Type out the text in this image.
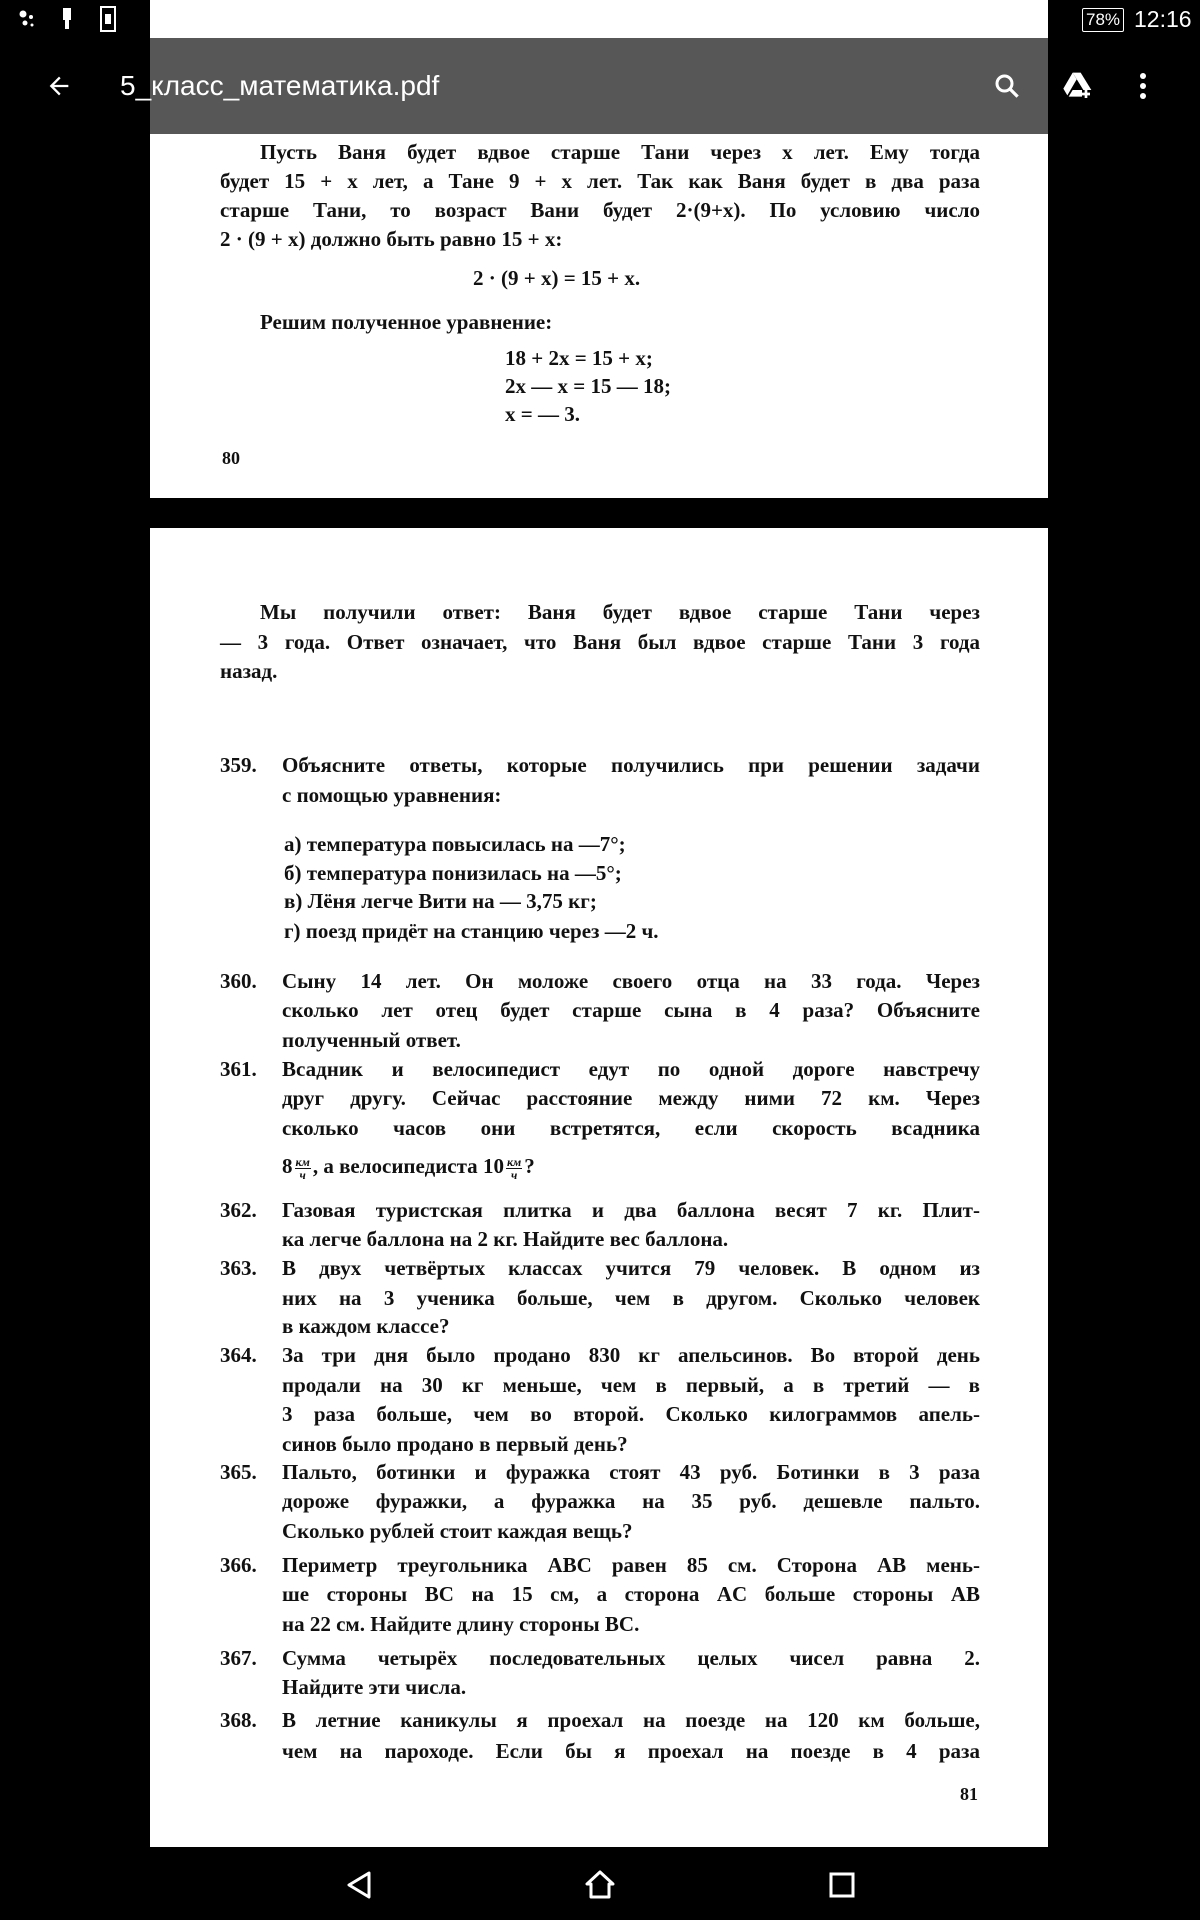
Пусть Ваня будет вдвое старше Тани через x лет. Ему тогда
будет 15 + x лет, а Тане 9 + x лет. Так как Ваня будет в два раза
старше Тани, то возраст Вани будет 2·(9+x). По условию число
2 · (9 + x) должно быть равно 15 + x:
2 · (9 + x) = 15 + x.
Решим полученное уравнение:
18 + 2x = 15 + x;
2x — x = 15 — 18;
x = — 3.
80
Мы получили ответ: Ваня будет вдвое старше Тани через
— 3 года. Ответ означает, что Ваня был вдвое старше Тани 3 года
назад.
359. Объясните ответы, которые получились при решении задачи
с помощью уравнения:
а) температура повысилась на —7°;
б) температура понизилась на —5°;
в) Лёня легче Вити на — 3,75 кг;
г) поезд придёт на станцию через —2 ч.
360. Сыну 14 лет. Он моложе своего отца на 33 года. Через
сколько лет отец будет старше сына в 4 раза? Объясните
полученный ответ.
361. Всадник и велосипедист едут по одной дороге навстречу
друг другу. Сейчас расстояние между ними 72 км. Через
сколько часов они встретятся, если скорость всадника
$8 \frac{км}{ч}$ , а велосипедиста $10 \frac{км}{ч}$ ?
362. Газовая туристская плитка и два баллона весят 7 кг. Плит-
ка легче баллона на 2 кг. Найдите вес баллона.
363. В двух четвёртых классах учится 79 человек. В одном из
них на 3 ученика больше, чем в другом. Сколько человек
в каждом классе?
364. За три дня было продано 830 кг апельсинов. Во второй день
продали на 30 кг меньше, чем в первый, а в третий — в
3 раза больше, чем во второй. Сколько килограммов апель-
синов было продано в первый день?
365. Пальто, ботинки и фуражка стоят 43 руб. Ботинки в 3 раза
дороже фуражки, а фуражка на 35 руб. дешевле пальто.
Сколько рублей стоит каждая вещь?
366. Периметр треугольника ABC равен 85 см. Сторона AB мень-
ше стороны BC на 15 см, а сторона AC больше стороны AB
на 22 см. Найдите длину стороны BC.
367. Сумма четырёх последовательных целых чисел равна 2.
Найдите эти числа.
368. В летние каникулы я проехал на поезде на 120 км больше,
чем на пароходе. Если бы я проехал на поезде в 4 раза
81
78% 12:16
5_класс_математика.pdf
